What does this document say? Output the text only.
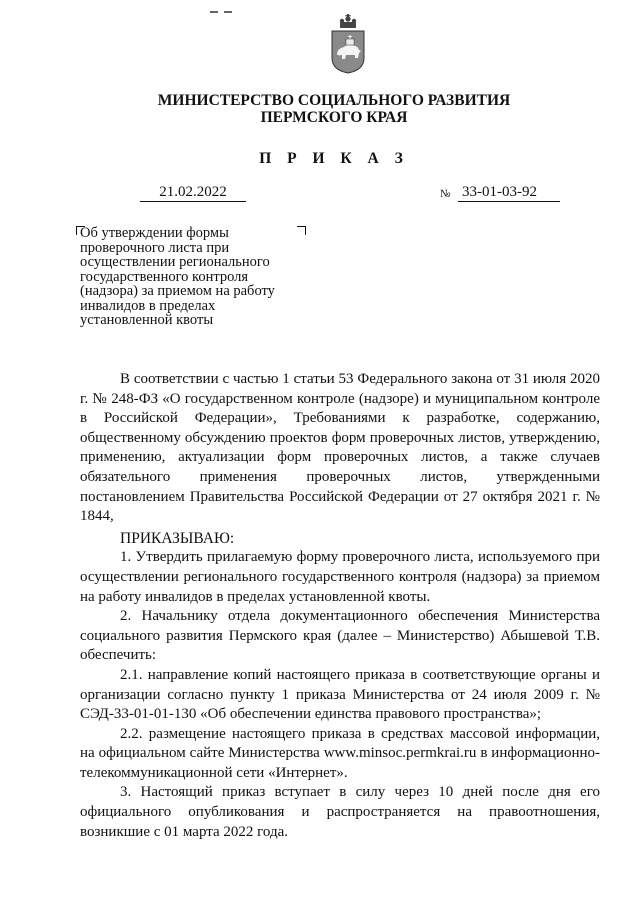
МИНИСТЕРСТВО СОЦИАЛЬНОГО РАЗВИТИЯ
ПЕРМСКОГО КРАЯ
П Р И К А З
21.02.2022	№ 33-01-03-92
Об утверждении формы
проверочного листа при
осуществлении регионального
государственного контроля
(надзора) за приемом на работу
инвалидов в пределах
установленной квоты

В соответствии с частью 1 статьи 53 Федерального закона от 31 июля 2020 г. № 248-ФЗ «О государственном контроле (надзоре) и муниципальном контроле в Российской Федерации», Требованиями к разработке, содержанию, общественному обсуждению проектов форм проверочных листов, утверждению, применению, актуализации форм проверочных листов, а также случаев обязательного применения проверочных листов, утвержденными постановлением Правительства Российской Федерации от 27 октября 2021 г. № 1844,

ПРИКАЗЫВАЮ:

1. Утвердить прилагаемую форму проверочного листа, используемого при осуществлении регионального государственного контроля (надзора) за приемом на работу инвалидов в пределах установленной квоты.

2. Начальнику отдела документационного обеспечения Министерства социального развития Пермского края (далее – Министерство) Абышевой Т.В. обеспечить:

2.1. направление копий настоящего приказа в соответствующие органы и организации согласно пункту 1 приказа Министерства от 24 июля 2009 г. № СЭД-33-01-01-130 «Об обеспечении единства правового пространства»;

2.2. размещение настоящего приказа в средствах массовой информации, на официальном сайте Министерства www.minsoc.permkrai.ru в информационно-телекоммуникационной сети «Интернет».

3. Настоящий приказ вступает в силу через 10 дней после дня его официального опубликования и распространяется на правоотношения, возникшие с 01 марта 2022 года.
